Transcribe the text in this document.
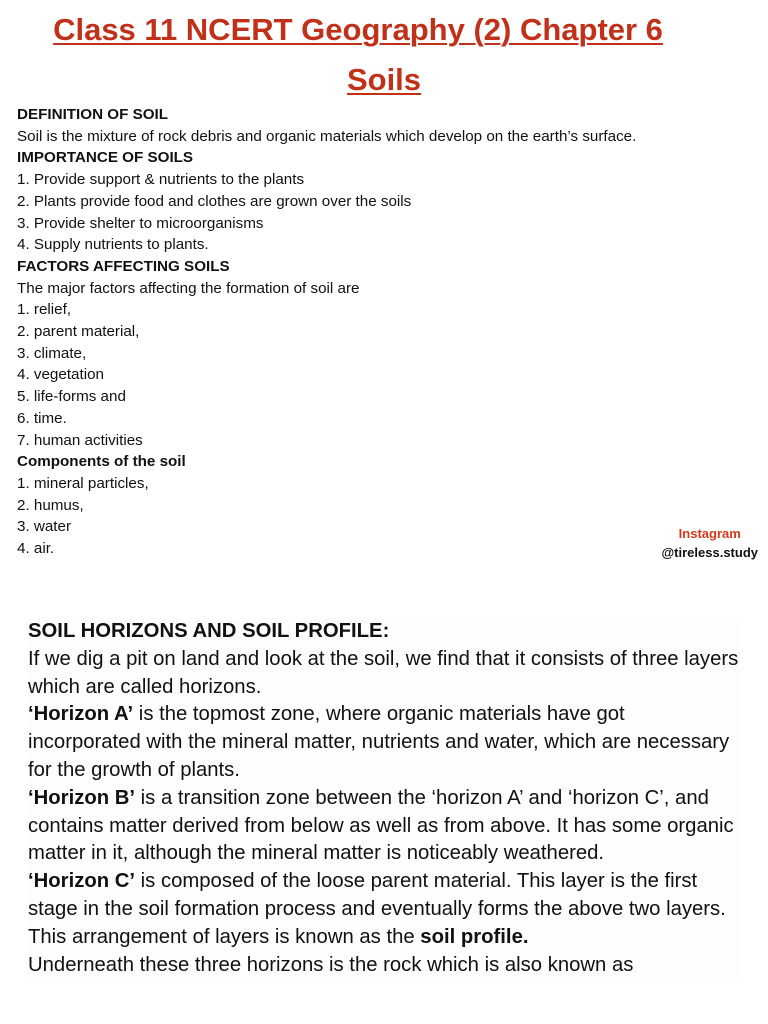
Class 11 NCERT Geography (2) Chapter 6
Soils
DEFINITION OF SOIL
Soil is the mixture of rock debris and organic materials which develop on the earth’s surface.
IMPORTANCE OF SOILS
1. Provide support & nutrients to the plants
2. Plants provide food and clothes are grown over the soils
3. Provide shelter to microorganisms
4. Supply nutrients to plants.
FACTORS AFFECTING SOILS
The major factors affecting the formation of soil are
1. relief,
2. parent material,
3. climate,
4. vegetation
5. life-forms and
6. time.
7. human activities
Components of the soil
1. mineral particles,
2. humus,
3. water
4. air.
Instagram
@tireless.study
SOIL HORIZONS AND SOIL PROFILE:
If we dig a pit on land and look at the soil, we find that it consists of three layers which are called horizons.
‘Horizon A’ is the topmost zone, where organic materials have got incorporated with the mineral matter, nutrients and water, which are necessary for the growth of plants.
‘Horizon B’ is a transition zone between the ‘horizon A’ and ‘horizon C’, and contains matter derived from below as well as from above. It has some organic matter in it, although the mineral matter is noticeably weathered.
‘Horizon C’ is composed of the loose parent material. This layer is the first stage in the soil formation process and eventually forms the above two layers. This arrangement of layers is known as the soil profile.
Underneath these three horizons is the rock which is also known as
